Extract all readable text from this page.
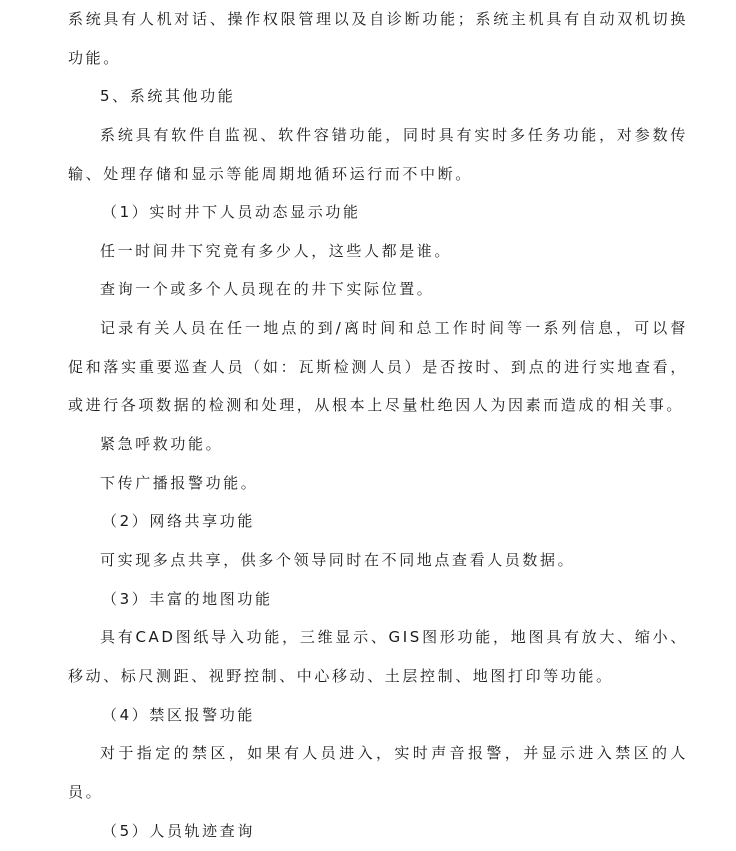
系统具有人机对话、操作权限管理以及自诊断功能；系统主机具有自动双机切换功能。

5、系统其他功能

系统具有软件自监视、软件容错功能，同时具有实时多任务功能，对参数传输、处理存储和显示等能周期地循环运行而不中断。

（1）实时井下人员动态显示功能

任一时间井下究竟有多少人，这些人都是谁。

查询一个或多个人员现在的井下实际位置。

记录有关人员在任一地点的到/离时间和总工作时间等一系列信息，可以督促和落实重要巡查人员（如：瓦斯检测人员）是否按时、到点的进行实地查看，或进行各项数据的检测和处理，从根本上尽量杜绝因人为因素而造成的相关事。

紧急呼救功能。

下传广播报警功能。

（2）网络共享功能

可实现多点共享，供多个领导同时在不同地点查看人员数据。

（3）丰富的地图功能

具有CAD图纸导入功能，三维显示、GIS图形功能，地图具有放大、缩小、移动、标尺测距、视野控制、中心移动、土层控制、地图打印等功能。

（4）禁区报警功能

对于指定的禁区，如果有人员进入，实时声音报警，并显示进入禁区的人员。

（5）人员轨迹查询
